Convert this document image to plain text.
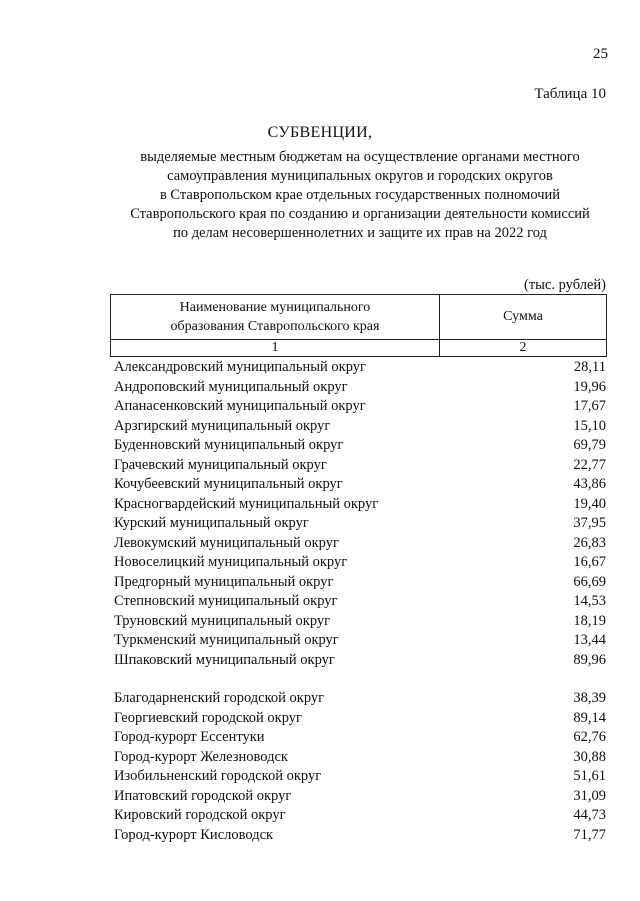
25
Таблица 10
СУБВЕНЦИИ,
выделяемые местным бюджетам на осуществление органами местного
самоуправления муниципальных округов и городских округов
в Ставропольском крае отдельных государственных полномочий
Ставропольского края по созданию и организации деятельности комиссий
по делам несовершеннолетних и защите их прав на 2022 год
(тыс. рублей)
Наименование муниципального
образования Ставропольского края	Сумма
1	2
Александровский муниципальный округ	28,11
Андроповский муниципальный округ	19,96
Апанасенковский муниципальный округ	17,67
Арзгирский муниципальный округ	15,10
Буденновский муниципальный округ	69,79
Грачевский муниципальный округ	22,77
Кочубеевский муниципальный округ	43,86
Красногвардейский муниципальный округ	19,40
Курский муниципальный округ	37,95
Левокумский муниципальный округ	26,83
Новоселицкий муниципальный округ	16,67
Предгорный муниципальный округ	66,69
Степновский муниципальный округ	14,53
Труновский муниципальный округ	18,19
Туркменский муниципальный округ	13,44
Шпаковский муниципальный округ	89,96
Благодарненский городской округ	38,39
Георгиевский городской округ	89,14
Город-курорт Ессентуки	62,76
Город-курорт Железноводск	30,88
Изобильненский городской округ	51,61
Ипатовский городской округ	31,09
Кировский городской округ	44,73
Город-курорт Кисловодск	71,77
